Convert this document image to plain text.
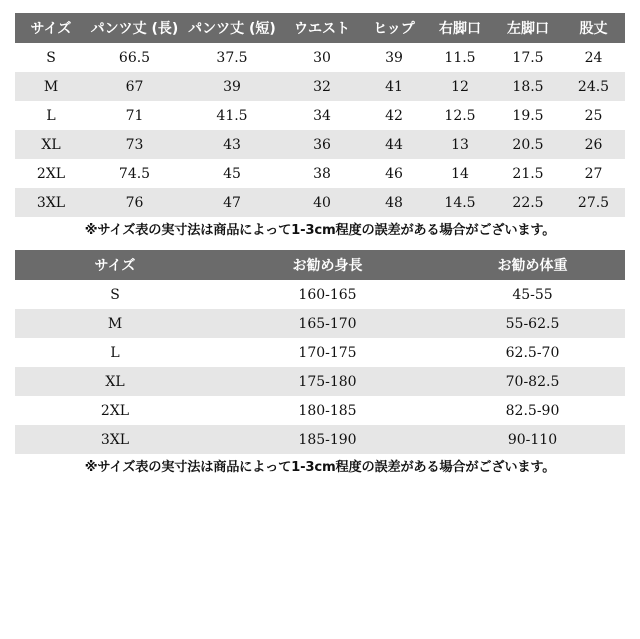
サイズ	パンツ丈 (長)	パンツ丈 (短)	ウエスト	ヒップ	右脚口	左脚口	股丈
S	66.5	37.5	30	39	11.5	17.5	24
M	67	39	32	41	12	18.5	24.5
L	71	41.5	34	42	12.5	19.5	25
XL	73	43	36	44	13	20.5	26
2XL	74.5	45	38	46	14	21.5	27
3XL	76	47	40	48	14.5	22.5	27.5
※サイズ表の実寸法は商品によって1-3cm程度の誤差がある場合がございます。
サイズ	お勧め身長	お勧め体重
S	160-165	45-55
M	165-170	55-62.5
L	170-175	62.5-70
XL	175-180	70-82.5
2XL	180-185	82.5-90
3XL	185-190	90-110
※サイズ表の実寸法は商品によって1-3cm程度の誤差がある場合がございます。
